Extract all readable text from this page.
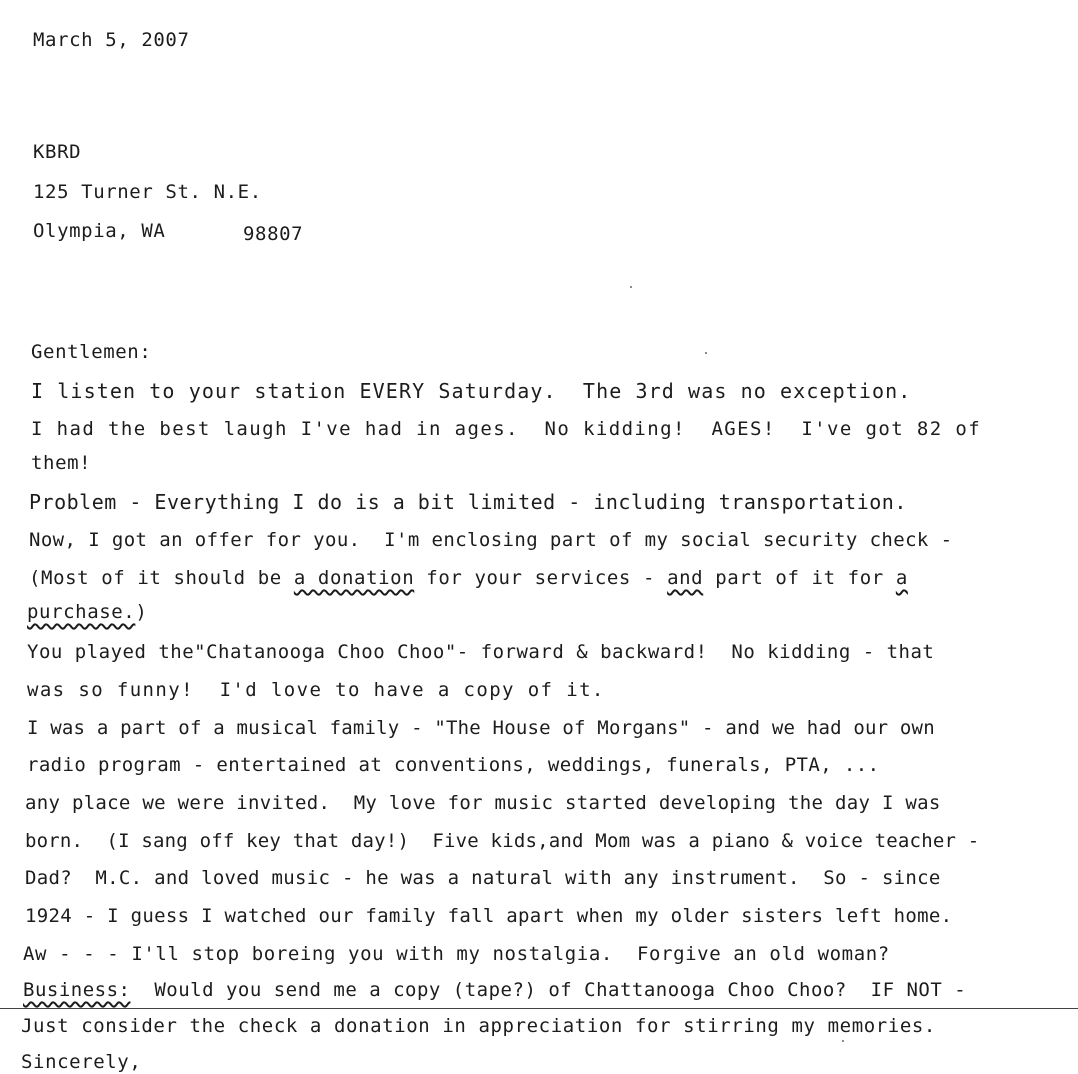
March 5, 2007
KBRD
125 Turner St. N.E.
Olympia, WA	98807
Gentlemen:
I listen to your station EVERY Saturday.  The 3rd was no exception.
I had the best laugh I've had in ages.  No kidding!  AGES!  I've got 82 of
them!
Problem - Everything I do is a bit limited - including transportation.
Now, I got an offer for you.  I'm enclosing part of my social security check -
(Most of it should be a donation for your services - and part of it for a
purchase.)
You played the"Chatanooga Choo Choo"- forward & backward!  No kidding - that
was so funny!  I'd love to have a copy of it.
I was a part of a musical family - "The House of Morgans" - and we had our own
radio program - entertained at conventions, weddings, funerals, PTA, ...
any place we were invited.  My love for music started developing the day I was
born.  (I sang off key that day!)  Five kids,and Mom was a piano & voice teacher -
Dad?  M.C. and loved music - he was a natural with any instrument.  So - since
1924 - I guess I watched our family fall apart when my older sisters left home.
Aw - - - I'll stop boreing you with my nostalgia.  Forgive an old woman?
Business:  Would you send me a copy (tape?) of Chattanooga Choo Choo?  IF NOT -
Just consider the check a donation in appreciation for stirring my memories.
Sincerely,
